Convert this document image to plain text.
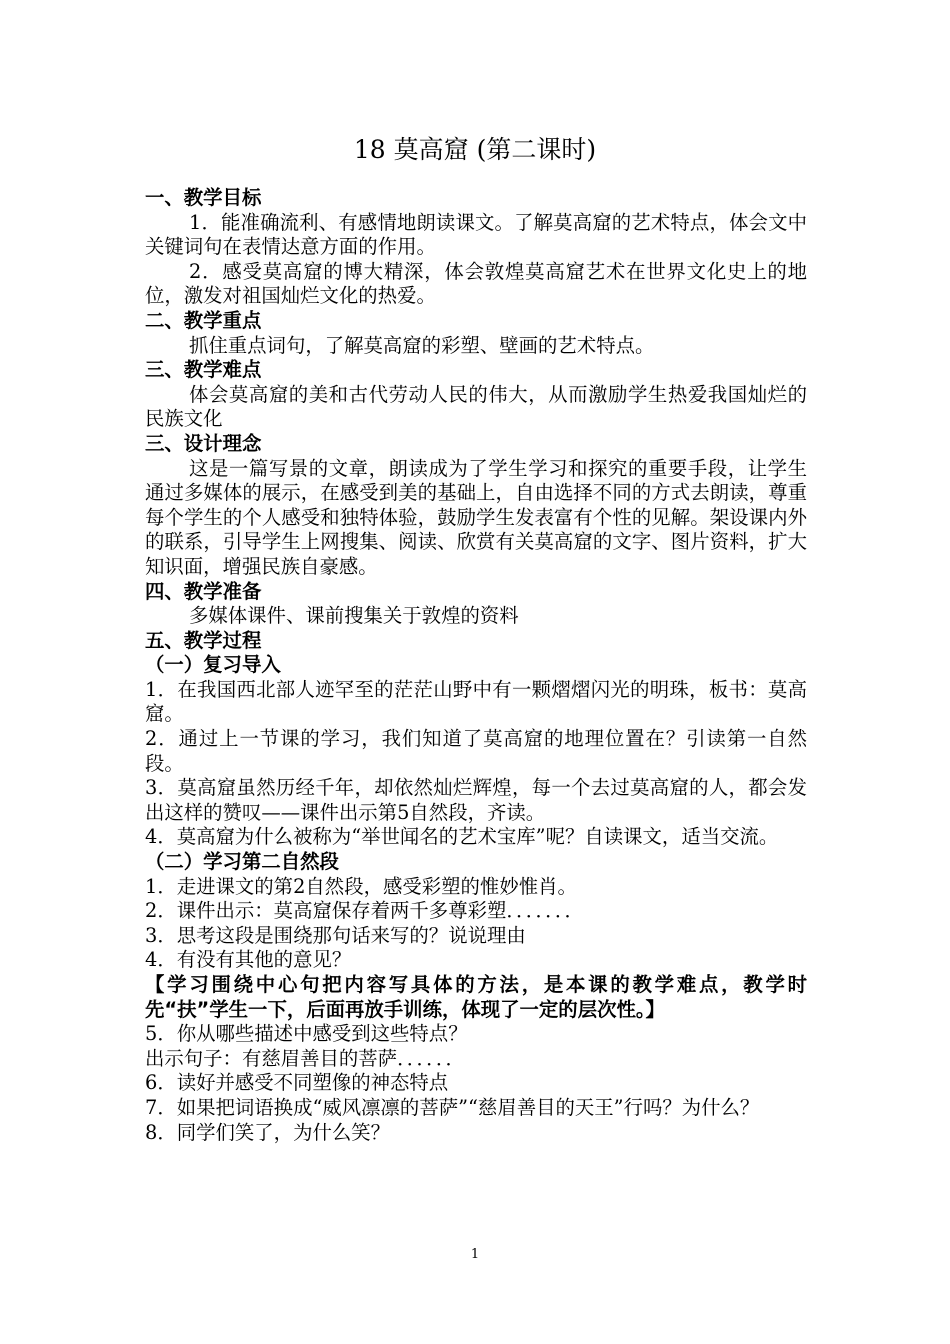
18 莫高窟 (第二课时)

一、教学目标

1．能准确流利、有感情地朗读课文。了解莫高窟的艺术特点，体会文中关键词句在表情达意方面的作用。

2．感受莫高窟的博大精深，体会敦煌莫高窟艺术在世界文化史上的地位，激发对祖国灿烂文化的热爱。

二、教学重点

抓住重点词句，了解莫高窟的彩塑、壁画的艺术特点。

三、教学难点

体会莫高窟的美和古代劳动人民的伟大，从而激励学生热爱我国灿烂的民族文化

三、设计理念

这是一篇写景的文章，朗读成为了学生学习和探究的重要手段，让学生通过多媒体的展示，在感受到美的基础上，自由选择不同的方式去朗读，尊重每个学生的个人感受和独特体验，鼓励学生发表富有个性的见解。架设课内外的联系，引导学生上网搜集、阅读、欣赏有关莫高窟的文字、图片资料，扩大知识面，增强民族自豪感。

四、教学准备

多媒体课件、课前搜集关于敦煌的资料

五、教学过程

（一）复习导入

1．在我国西北部人迹罕至的茫茫山野中有一颗熠熠闪光的明珠，板书：莫高窟。

2．通过上一节课的学习，我们知道了莫高窟的地理位置在？引读第一自然段。

3．莫高窟虽然历经千年，却依然灿烂辉煌，每一个去过莫高窟的人，都会发出这样的赞叹——课件出示第5自然段，齐读。

4．莫高窟为什么被称为“举世闻名的艺术宝库”呢？自读课文，适当交流。

（二）学习第二自然段

1．走进课文的第2自然段，感受彩塑的惟妙惟肖。

2．课件出示：莫高窟保存着两千多尊彩塑．．．．．．．

3．思考这段是围绕那句话来写的？说说理由

4．有没有其他的意见？

【学习围绕中心句把内容写具体的方法，是本课的教学难点，教学时先“扶”学生一下，后面再放手训练，体现了一定的层次性。】

5．你从哪些描述中感受到这些特点？

出示句子：有慈眉善目的菩萨．．．．．．

6．读好并感受不同塑像的神态特点

7．如果把词语换成“威风凛凛的菩萨”“慈眉善目的天王”行吗？为什么？

8．同学们笑了，为什么笑？

1
